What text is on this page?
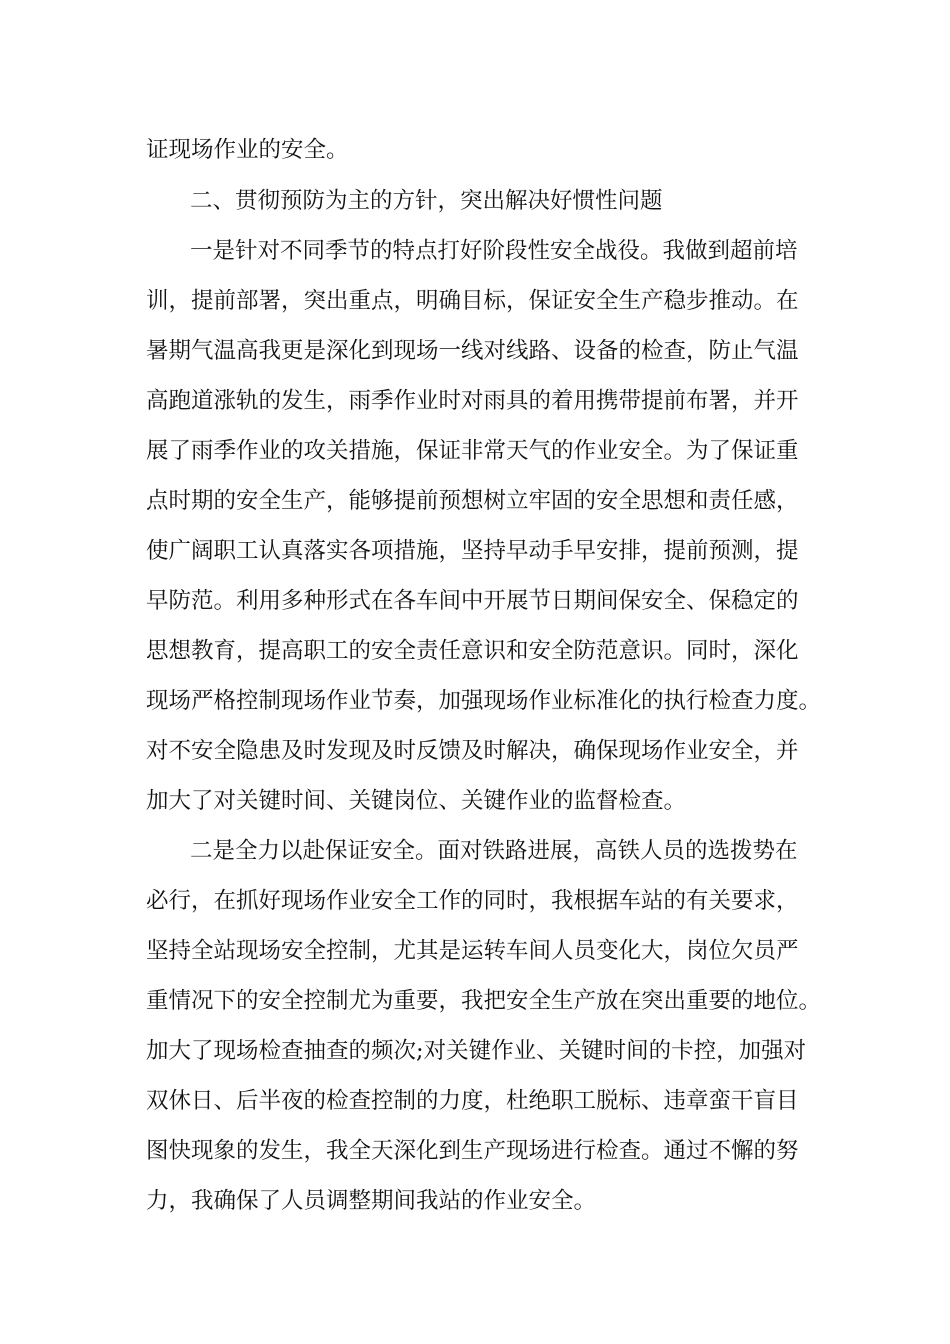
证现场作业的安全。

二、贯彻预防为主的方针，突出解决好惯性问题

一是针对不同季节的特点打好阶段性安全战役。我做到超前培

训，提前部署，突出重点，明确目标，保证安全生产稳步推动。在

暑期气温高我更是深化到现场一线对线路、设备的检查，防止气温

高跑道涨轨的发生，雨季作业时对雨具的着用携带提前布署，并开

展了雨季作业的攻关措施，保证非常天气的作业安全。为了保证重

点时期的安全生产，能够提前预想树立牢固的安全思想和责任感，

使广阔职工认真落实各项措施，坚持早动手早安排，提前预测，提

早防范。利用多种形式在各车间中开展节日期间保安全、保稳定的

思想教育，提高职工的安全责任意识和安全防范意识。同时，深化

现场严格控制现场作业节奏，加强现场作业标准化的执行检查力度。

对不安全隐患及时发现及时反馈及时解决，确保现场作业安全，并

加大了对关键时间、关键岗位、关键作业的监督检查。

二是全力以赴保证安全。面对铁路进展，高铁人员的选拨势在

必行，在抓好现场作业安全工作的同时，我根据车站的有关要求，

坚持全站现场安全控制，尤其是运转车间人员变化大，岗位欠员严

重情况下的安全控制尤为重要，我把安全生产放在突出重要的地位。

加大了现场检查抽查的频次;对关键作业、关键时间的卡控，加强对

双休日、后半夜的检查控制的力度，杜绝职工脱标、违章蛮干盲目

图快现象的发生，我全天深化到生产现场进行检查。通过不懈的努

力，我确保了人员调整期间我站的作业安全。
